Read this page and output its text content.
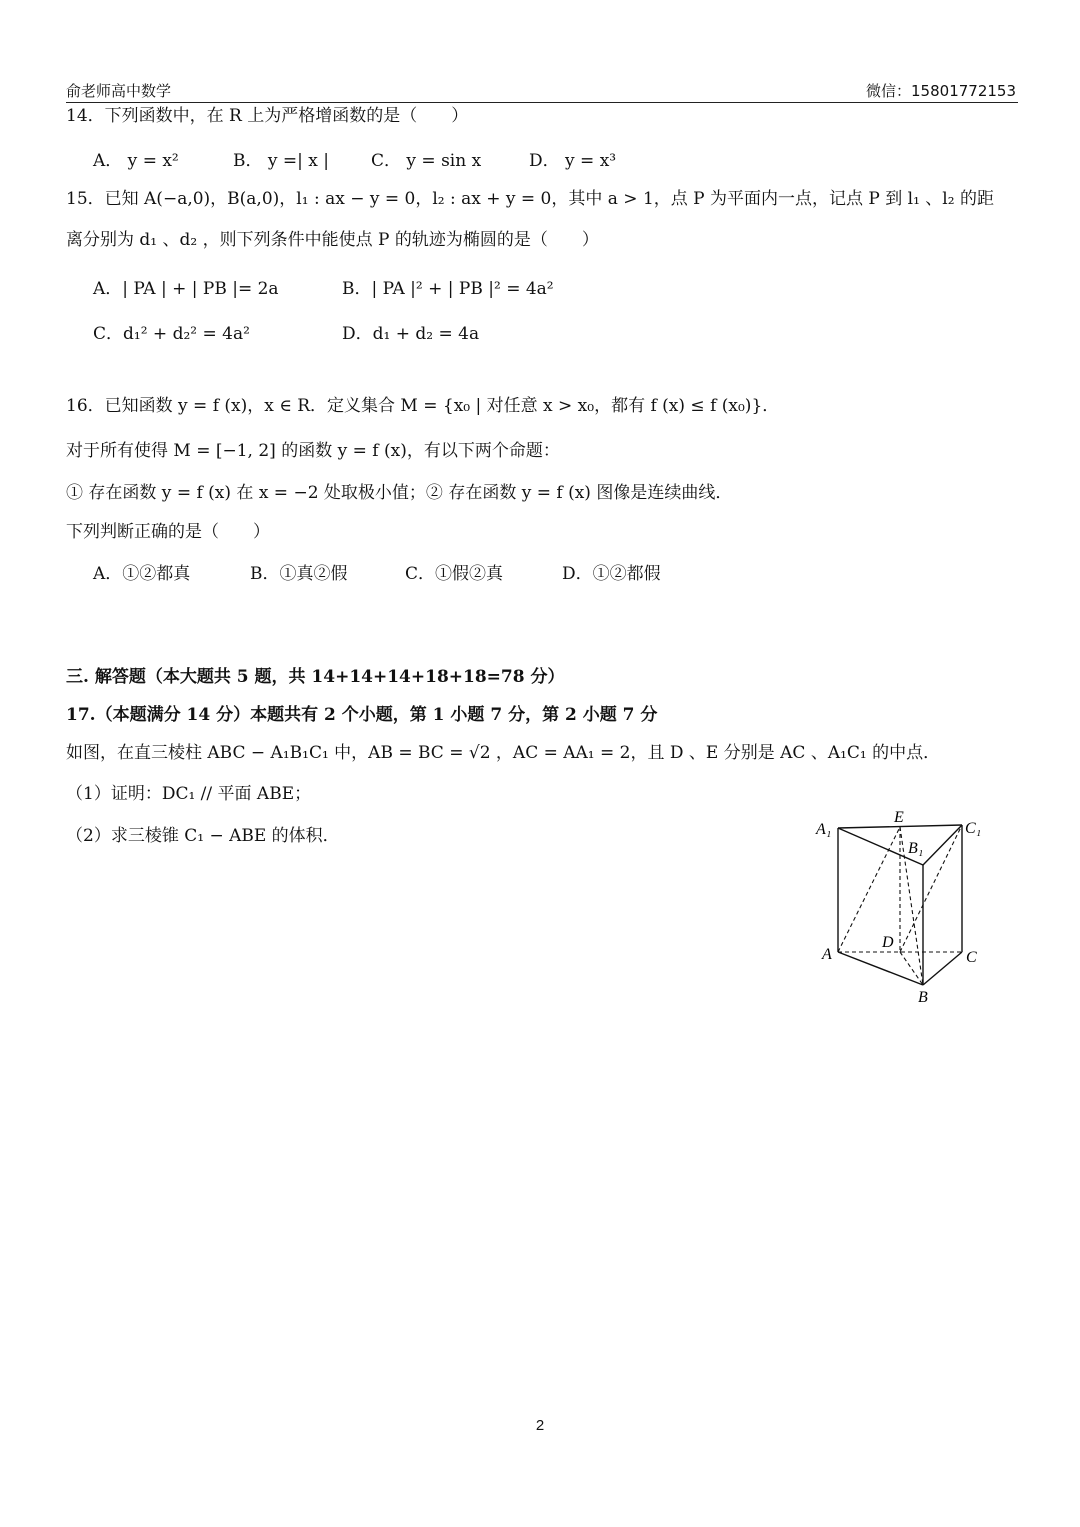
俞老师高中数学	微信：15801772153
14．下列函数中，在 R 上为严格增函数的是（　　）
A． y = x²	B． y =| x | C． y = sin x	D． y = x³
15．已知 A(−a,0)，B(a,0)，l₁ : ax − y = 0，l₂ : ax + y = 0，其中 a > 1，点 P 为平面内一点，记点 P 到 l₁ 、l₂ 的距
离分别为 d₁ 、d₂ ，则下列条件中能使点 P 的轨迹为椭圆的是（　　）
A．| PA | + | PB |= 2a	B．| PA |² + | PB |² = 4a²
C．d₁² + d₂² = 4a²	D．d₁ + d₂ = 4a
16．已知函数 y = f (x)，x ∈ R．定义集合 M = {x₀ | 对任意 x > x₀，都有 f (x) ≤ f (x₀)}．
对于所有使得 M = [−1, 2] 的函数 y = f (x)，有以下两个命题：
① 存在函数 y = f (x) 在 x = −2 处取极小值；② 存在函数 y = f (x) 图像是连续曲线．
下列判断正确的是（　　）
A．①②都真	B．①真②假	C．①假②真	D．①②都假
三. 解答题（本大题共 5 题，共 14+14+14+18+18=78 分）
17.（本题满分 14 分）本题共有 2 个小题，第 1 小题 7 分，第 2 小题 7 分
如图，在直三棱柱 ABC − A₁B₁C₁ 中，AB = BC = √2 ，AC = AA₁ = 2，且 D 、E 分别是 AC 、A₁C₁ 的中点．
（1）证明：DC₁ // 平面 ABE；
（2）求三棱锥 C₁ − ABE 的体积．	A₁
E
C₁
B₁
D
A	C
B
2
